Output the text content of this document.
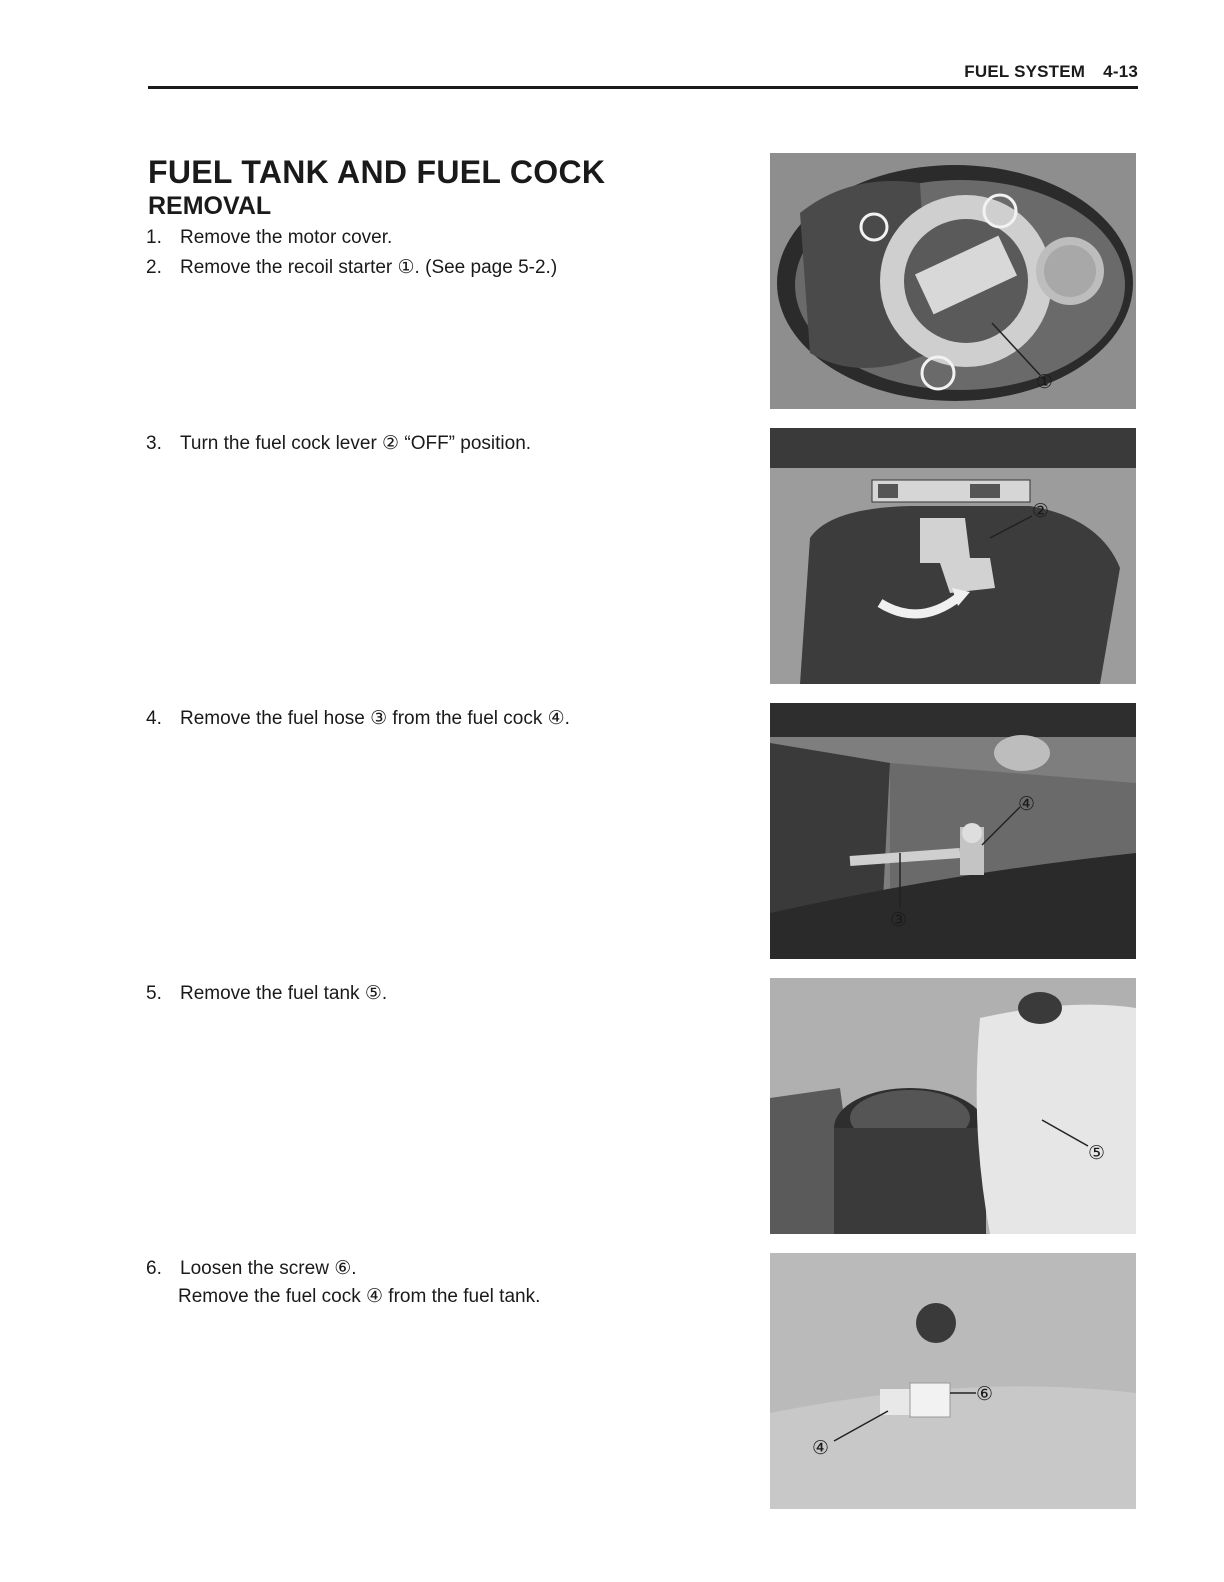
FUEL SYSTEM 4-13
FUEL TANK AND FUEL COCK
REMOVAL
1. Remove the motor cover.
2. Remove the recoil starter ①. (See page 5-2.)
3. Turn the fuel cock lever ② “OFF” position.
4. Remove the fuel hose ③ from the fuel cock ④.
5. Remove the fuel tank ⑤.
6. Loosen the screw ⑥.
Remove the fuel cock ④ from the fuel tank.
①
②
④
③
⑤
⑥
④
